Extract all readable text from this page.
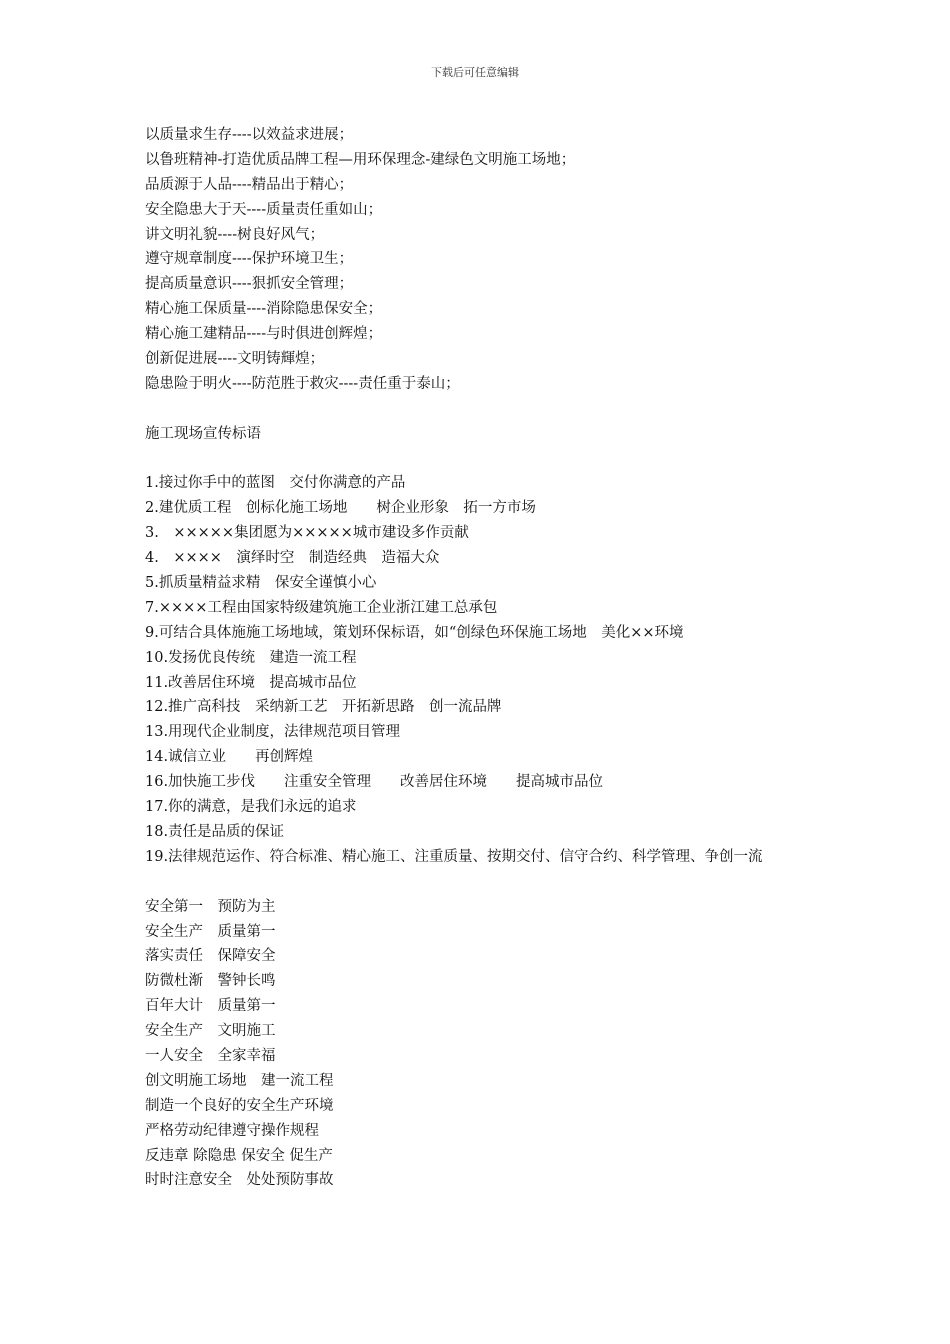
下载后可任意编辑

以质量求生存----以效益求进展；

以鲁班精神-打造优质品牌工程—用环保理念-建绿色文明施工场地；

品质源于人品----精品出于精心；

安全隐患大于天----质量责任重如山；

讲文明礼貌----树良好风气；

遵守规章制度----保护环境卫生；

提高质量意识----狠抓安全管理；

精心施工保质量----消除隐患保安全；

精心施工建精品----与时俱进创辉煌；

创新促进展----文明铸輝煌；

隐患险于明火----防范胜于救灾----责任重于泰山；

施工现场宣传标语

1.接过你手中的蓝图　交付你满意的产品

2.建优质工程　创标化施工场地　　树企业形象　拓一方市场

3.　×××××集团愿为×××××城市建设多作贡献

4.　××××　演绎时空　制造经典　造福大众

5.抓质量精益求精　保安全谨慎小心

7.××××工程由国家特级建筑施工企业浙江建工总承包

9.可结合具体施施工场地域，策划环保标语，如“创绿色环保施工场地　美化××环境

10.发扬优良传统　建造一流工程

11.改善居住环境　提高城市品位

12.推广高科技　采纳新工艺　开拓新思路　创一流品牌

13.用现代企业制度，法律规范项目管理

14.诚信立业　　再创辉煌

16.加快施工步伐　　注重安全管理　　改善居住环境　　提高城市品位

17.你的满意，是我们永远的追求

18.责任是品质的保证

19.法律规范运作、符合标准、精心施工、注重质量、按期交付、信守合约、科学管理、争创一流

安全第一　预防为主

安全生产　质量第一

落实责任　保障安全

防微杜渐　警钟长鸣

百年大计　质量第一

安全生产　文明施工

一人安全　全家幸福

创文明施工场地　建一流工程

制造一个良好的安全生产环境

严格劳动纪律遵守操作规程

反违章 除隐患 保安全 促生产

时时注意安全　处处预防事故
